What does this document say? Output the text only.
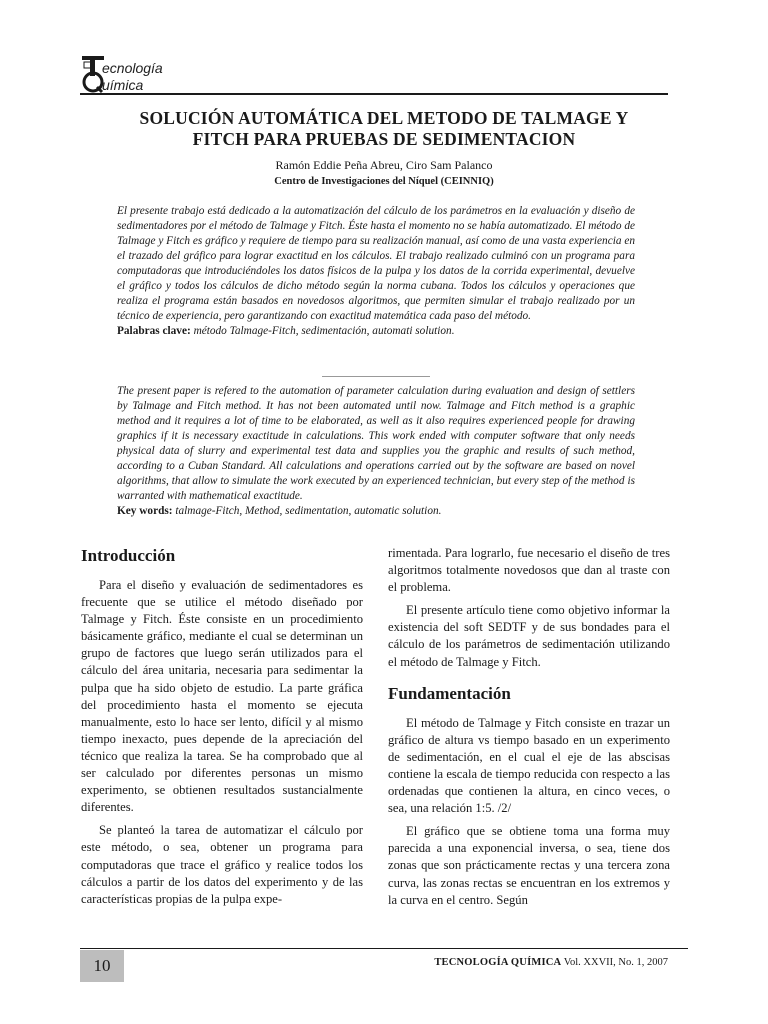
ecnología
uímica
SOLUCIÓN AUTOMÁTICA DEL METODO DE TALMAGE Y
FITCH PARA PRUEBAS DE SEDIMENTACION
Ramón Eddie Peña Abreu, Ciro Sam Palanco
Centro de Investigaciones del Níquel (CEINNIQ)
El presente trabajo está dedicado a la automatización del cálculo de los parámetros en la evaluación y diseño de sedimentadores por el método de Talmage y Fitch. Éste hasta el momento no se había automatizado. El método de Talmage y Fitch es gráfico y requiere de tiempo para su realización manual, así como de una vasta experiencia en el trazado del gráfico para lograr exactitud en los cálculos. El trabajo realizado culminó con un programa para computadoras que introduciéndoles los datos físicos de la pulpa y los datos de la corrida experimental, devuelve el gráfico y todos los cálculos de dicho método según la norma cubana. Todos los cálculos y operaciones que realiza el programa están basados en novedosos algoritmos, que permiten simular el trabajo realizado por un técnico de experiencia, pero garantizando con exactitud matemática cada paso del método.
Palabras clave: método Talmage-Fitch, sedimentación, automati solution.
The present paper is refered to the automation of parameter calculation during evaluation and design of settlers by Talmage and Fitch method. It has not been automated until now. Talmage and Fitch method is a graphic method and it requires a lot of time to be elaborated, as well as it also requires experienced people for drawing graphics if it is necessary exactitude in calculations. This work ended with computer software that only needs physical data of slurry and experimental test data and supplies you the graphic and results of such method, according to a Cuban Standard. All calculations and operations carried out by the software are based on novel algorithms, that allow to simulate the work executed by an experienced technician, but every step of the method is warranted with mathematical exactitude.
Key words: talmage-Fitch, Method, sedimentation, automatic solution.
Introducción

Para el diseño y evaluación de sedimentadores es frecuente que se utilice el método diseñado por Talmage y Fitch. Éste consiste en un procedimiento básicamente gráfico, mediante el cual se determinan un grupo de factores que luego serán utilizados para el cálculo del área unitaria, necesaria para sedimentar la pulpa que ha sido objeto de estudio. La parte gráfica del procedimiento hasta el momento se ejecuta manualmente, esto lo hace ser lento, difícil y al mismo tiempo inexacto, pues depende de la apreciación del técnico que realiza la tarea. Se ha comprobado que al ser calculado por diferentes personas un mismo experimento, se obtienen resultados sustancialmente diferentes.

Se planteó la tarea de automatizar el cálculo por este método, o sea, obtener un programa para computadoras que trace el gráfico y realice todos los cálculos a partir de los datos del experimento y de las características propias de la pulpa expe-

rimentada. Para lograrlo, fue necesario el diseño de tres algoritmos totalmente novedosos que dan al traste con el problema.

El presente artículo tiene como objetivo informar la existencia del soft SEDTF y de sus bondades para el cálculo de los parámetros de sedimentación utilizando el método de Talmage y Fitch.

Fundamentación

El método de Talmage y Fitch consiste en trazar un gráfico de altura vs tiempo basado en un experimento de sedimentación, en el cual el eje de las abscisas contiene la escala de tiempo reducida con respecto a las ordenadas que contienen la altura, en cinco veces, o sea, una relación 1:5. /2/

El gráfico que se obtiene toma una forma muy parecida a una exponencial inversa, o sea, tiene dos zonas que son prácticamente rectas y una tercera zona curva, las zonas rectas se encuentran en los extremos y la curva en el centro. Según

10	TECNOLOGÍA QUÍMICA Vol. XXVII, No. 1, 2007
